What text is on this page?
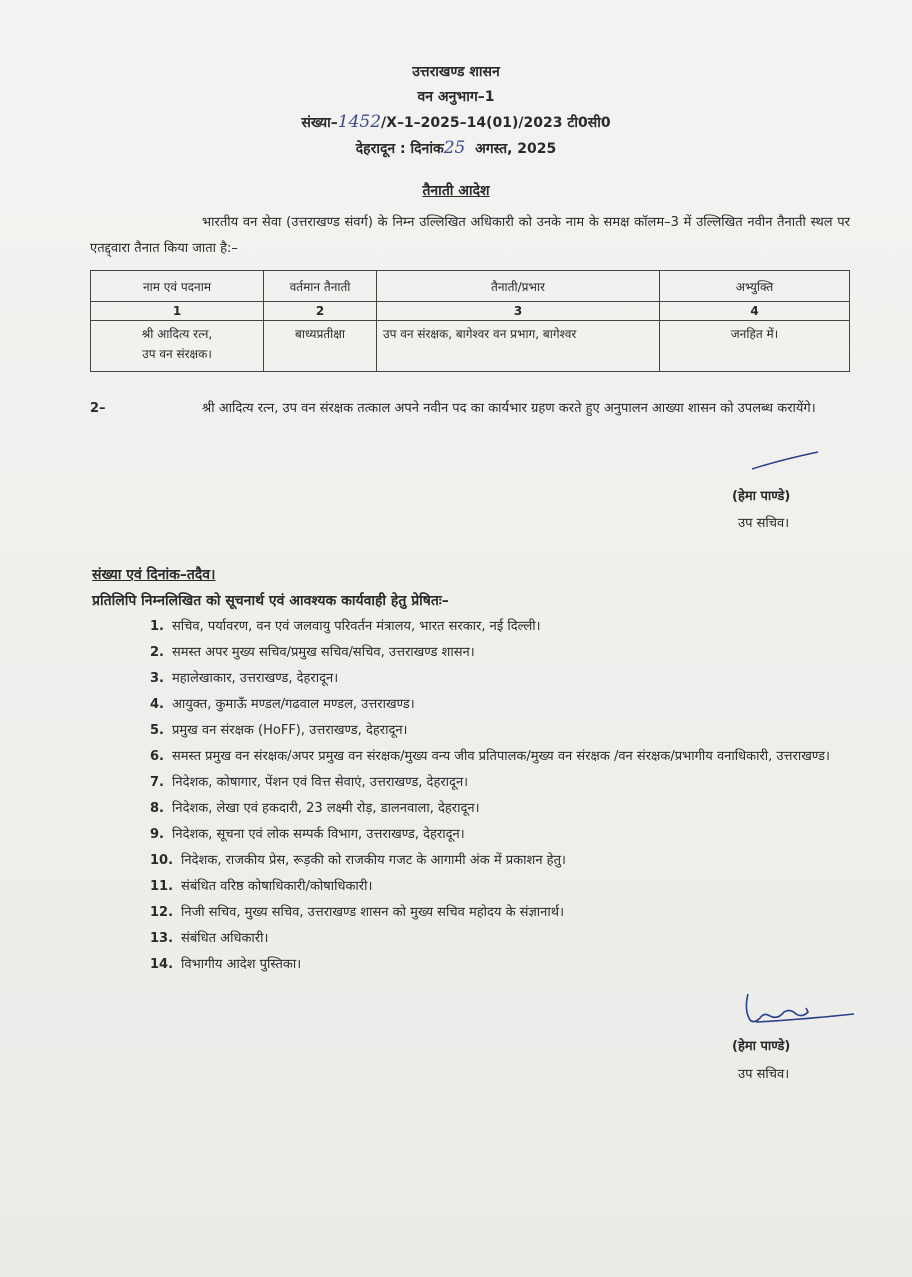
उत्तराखण्ड शासन
वन अनुभाग–1
संख्या–1452/X–1–2025–14(01)/2023 टी0सी0
देहरादून : दिनांक25 अगस्त, 2025
तैनाती आदेश
भारतीय वन सेवा (उत्तराखण्ड संवर्ग) के निम्न उल्लिखित अधिकारी को उनके नाम के समक्ष कॉलम–3 में उल्लिखित नवीन तैनाती स्थल पर एतद्द्वारा तैनात किया जाता है:–
नाम एवं पदनाम	वर्तमान तैनाती	तैनाती/प्रभार	अभ्युक्ति
1	2	3	4

श्री आदित्य रत्न,
उप वन संरक्षक।	बाध्यप्रतीक्षा	उप वन संरक्षक, बागेश्वर वन प्रभाग, बागेश्वर	जनहित में।
2–	श्री आदित्य रत्न, उप वन संरक्षक तत्काल अपने नवीन पद का कार्यभार ग्रहण करते हुए अनुपालन आख्या शासन को उपलब्ध करायेंगे।
(हेमा पाण्डे)
उप सचिव।
संख्या एवं दिनांक–तदैव।
प्रतिलिपि निम्नलिखित को सूचनार्थ एवं आवश्यक कार्यवाही हेतु प्रेषितः–
1. सचिव, पर्यावरण, वन एवं जलवायु परिवर्तन मंत्रालय, भारत सरकार, नई दिल्ली।
2. समस्त अपर मुख्य सचिव/प्रमुख सचिव/सचिव, उत्तराखण्ड शासन।
3. महालेखाकार, उत्तराखण्ड, देहरादून।
4. आयुक्त, कुमाऊँ मण्डल/गढवाल मण्डल, उत्तराखण्ड।
5. प्रमुख वन संरक्षक (HoFF), उत्तराखण्ड, देहरादून।
6. समस्त प्रमुख वन संरक्षक/अपर प्रमुख वन संरक्षक/मुख्य वन्य जीव प्रतिपालक/मुख्य वन संरक्षक /वन संरक्षक/प्रभागीय वनाधिकारी, उत्तराखण्ड।
7. निदेशक, कोषागार, पेंशन एवं वित्त सेवाएं, उत्तराखण्ड, देहरादून।
8. निदेशक, लेखा एवं हकदारी, 23 लक्ष्मी रोड़, डालनवाला, देहरादून।
9. निदेशक, सूचना एवं लोक सम्पर्क विभाग, उत्तराखण्ड, देहरादून।
10. निदेशक, राजकीय प्रेस, रूड़की को राजकीय गजट के आगामी अंक में प्रकाशन हेतु।
11. संबंधित वरिष्ठ कोषाधिकारी/कोषाधिकारी।
12. निजी सचिव, मुख्य सचिव, उत्तराखण्ड शासन को मुख्य सचिव महोदय के संज्ञानार्थ।
13. संबंधित अधिकारी।
14. विभागीय आदेश पुस्तिका।
(हेमा पाण्डे)
उप सचिव।
